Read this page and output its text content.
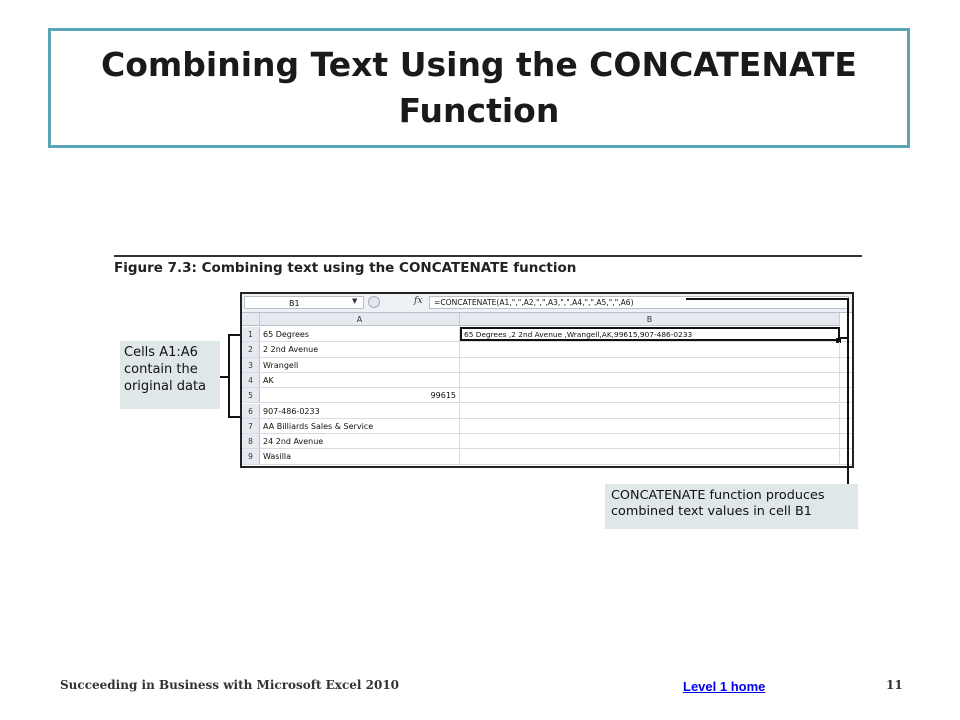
Combining Text Using the CONCATENATE
Function
Figure 7.3: Combining text using the CONCATENATE function
B1	▼	fx	=CONCATENATE(A1,",",A2,",",A3,",",A4,",",A5,",",A6)
A	B
1	65 Degrees	65 Degrees ,2 2nd Avenue ,Wrangell,AK,99615,907-486-0233
2	2 2nd Avenue
3	Wrangell
4	AK
5	99615
6	907-486-0233
7	AA Billiards Sales & Service
8	24 2nd Avenue
9	Wasilla
Cells A1:A6
contain the
original data
CONCATENATE function produces
combined text values in cell B1
Succeeding in Business with Microsoft Excel 2010	Level 1 home	11
